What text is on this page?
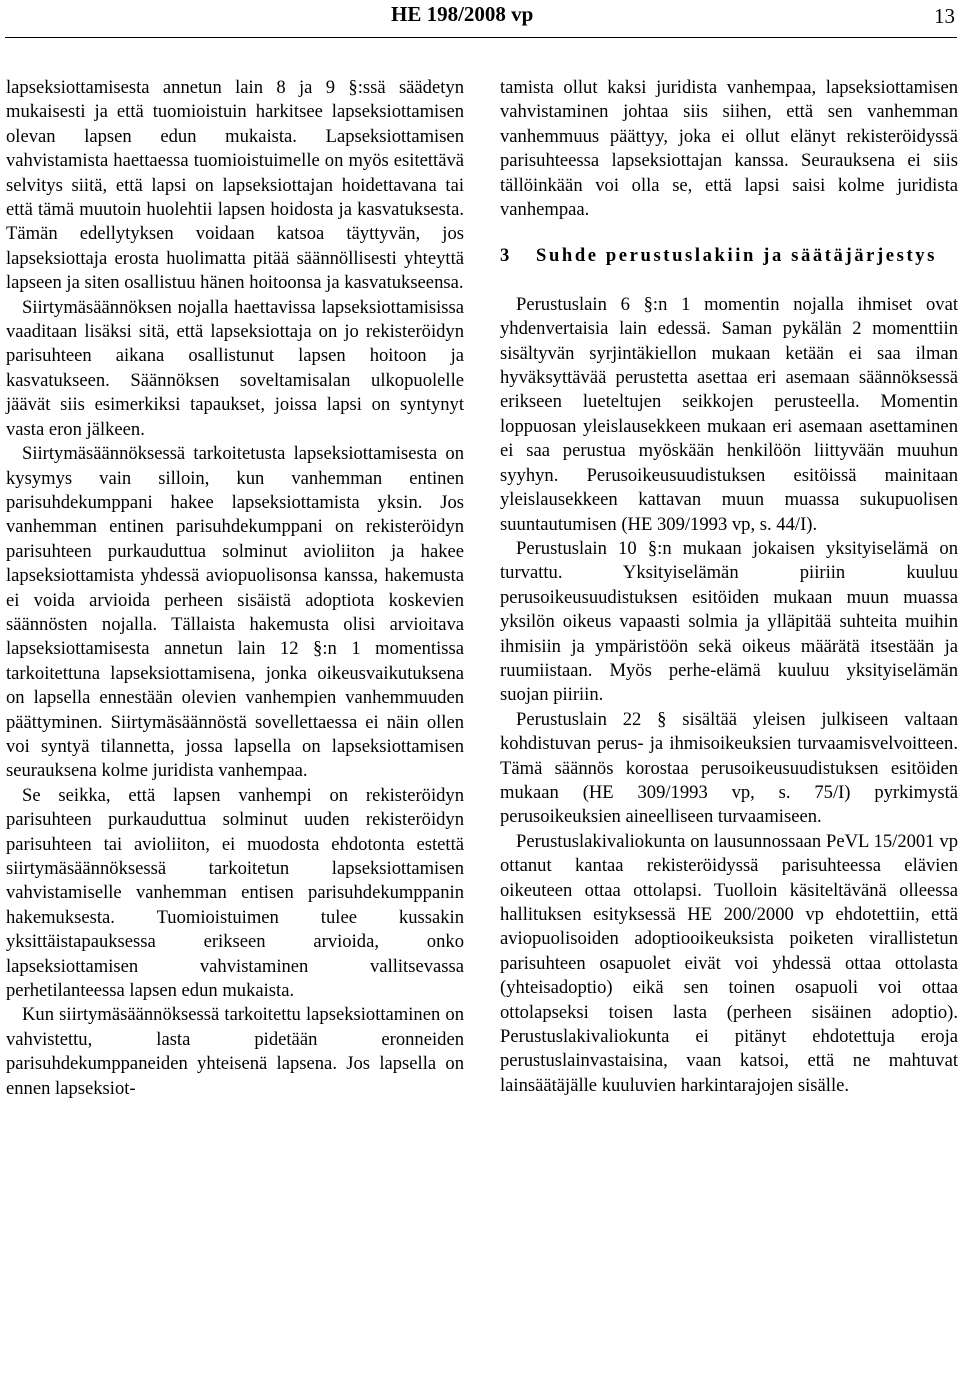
HE 198/2008 vp	13

lapseksiottamisesta annetun lain 8 ja 9 §:ssä säädetyn mukaisesti ja että tuomioistuin harkitsee lapseksiottamisen olevan lapsen edun mukaista. Lapseksiottamisen vahvistamista haettaessa tuomioistuimelle on myös esitettävä selvitys siitä, että lapsi on lapseksiottajan hoidettavana tai että tämä muutoin huolehtii lapsen hoidosta ja kasvatuksesta. Tämän edellytyksen voidaan katsoa täyttyvän, jos lapseksiottaja erosta huolimatta pitää säännöllisesti yhteyttä lapseen ja siten osallistuu hänen hoitoonsa ja kasvatukseensa.

Siirtymäsäännöksen nojalla haettavissa lapseksiottamisissa vaaditaan lisäksi sitä, että lapseksiottaja on jo rekisteröidyn parisuhteen aikana osallistunut lapsen hoitoon ja kasvatukseen. Säännöksen soveltamisalan ulkopuolelle jäävät siis esimerkiksi tapaukset, joissa lapsi on syntynyt vasta eron jälkeen.

Siirtymäsäännöksessä tarkoitetusta lapseksiottamisesta on kysymys vain silloin, kun vanhemman entinen parisuhdekumppani hakee lapseksiottamista yksin. Jos vanhemman entinen parisuhdekumppani on rekisteröidyn parisuhteen purkauduttua solminut avioliiton ja hakee lapseksiottamista yhdessä aviopuolisonsa kanssa, hakemusta ei voida arvioida perheen sisäistä adoptiota koskevien säännösten nojalla. Tällaista hakemusta olisi arvioitava lapseksiottamisesta annetun lain 12 §:n 1 momentissa tarkoitettuna lapseksiottamisena, jonka oikeusvaikutuksena on lapsella ennestään olevien vanhempien vanhemmuuden päättyminen. Siirtymäsäännöstä sovellettaessa ei näin ollen voi syntyä tilannetta, jossa lapsella on lapseksiottamisen seurauksena kolme juridista vanhempaa.

Se seikka, että lapsen vanhempi on rekisteröidyn parisuhteen purkauduttua solminut uuden rekisteröidyn parisuhteen tai avioliiton, ei muodosta ehdotonta estettä siirtymäsäännöksessä tarkoitetun lapseksiottamisen vahvistamiselle vanhemman entisen parisuhdekumppanin hakemuksesta. Tuomioistuimen tulee kussakin yksittäistapauksessa erikseen arvioida, onko lapseksiottamisen vahvistaminen vallitsevassa perhetilanteessa lapsen edun mukaista.

Kun siirtymäsäännöksessä tarkoitettu lapseksiottaminen on vahvistettu, lasta pidetään eronneiden parisuhdekumppaneiden yhteisenä lapsena. Jos lapsella on ennen lapseksiot-

tamista ollut kaksi juridista vanhempaa, lapseksiottamisen vahvistaminen johtaa siis siihen, että sen vanhemman vanhemmuus päättyy, joka ei ollut elänyt rekisteröidyssä parisuhteessa lapseksiottajan kanssa. Seurauksena ei siis tällöinkään voi olla se, että lapsi saisi kolme juridista vanhempaa.

3	Suhde perustuslakiin ja säätäjärjestys

Perustuslain 6 §:n 1 momentin nojalla ihmiset ovat yhdenvertaisia lain edessä. Saman pykälän 2 momenttiin sisältyvän syrjintäkiellon mukaan ketään ei saa ilman hyväksyttävää perustetta asettaa eri asemaan säännöksessä erikseen lueteltujen seikkojen perusteella. Momentin loppuosan yleislausekkeen mukaan eri asemaan asettaminen ei saa perustua myöskään henkilöön liittyvään muuhun syyhyn. Perusoikeusuudistuksen esitöissä mainitaan yleislausekkeen kattavan muun muassa sukupuolisen suuntautumisen (HE 309/1993 vp, s. 44/I).

Perustuslain 10 §:n mukaan jokaisen yksityiselämä on turvattu. Yksityiselämän piiriin kuuluu perusoikeusuudistuksen esitöiden mukaan muun muassa yksilön oikeus vapaasti solmia ja ylläpitää suhteita muihin ihmisiin ja ympäristöön sekä oikeus määrätä itsestään ja ruumiistaan. Myös perhe-elämä kuuluu yksityiselämän suojan piiriin.

Perustuslain 22 § sisältää yleisen julkiseen valtaan kohdistuvan perus- ja ihmisoikeuksien turvaamisvelvoitteen. Tämä säännös korostaa perusoikeusuudistuksen esitöiden mukaan (HE 309/1993 vp, s. 75/I) pyrkimystä perusoikeuksien aineelliseen turvaamiseen.

Perustuslakivaliokunta on lausunnossaan PeVL 15/2001 vp ottanut kantaa rekisteröidyssä parisuhteessa elävien oikeuteen ottaa ottolapsi. Tuolloin käsiteltävänä olleessa hallituksen esityksessä HE 200/2000 vp ehdotettiin, että aviopuolisoiden adoptiooikeuksista poiketen virallistetun parisuhteen osapuolet eivät voi yhdessä ottaa ottolasta (yhteisadoptio) eikä sen toinen osapuoli voi ottaa ottolapseksi toisen lasta (perheen sisäinen adoptio). Perustuslakivaliokunta ei pitänyt ehdotettuja eroja perustuslainvastaisina, vaan katsoi, että ne mahtuvat lainsäätäjälle kuuluvien harkintarajojen sisälle.
